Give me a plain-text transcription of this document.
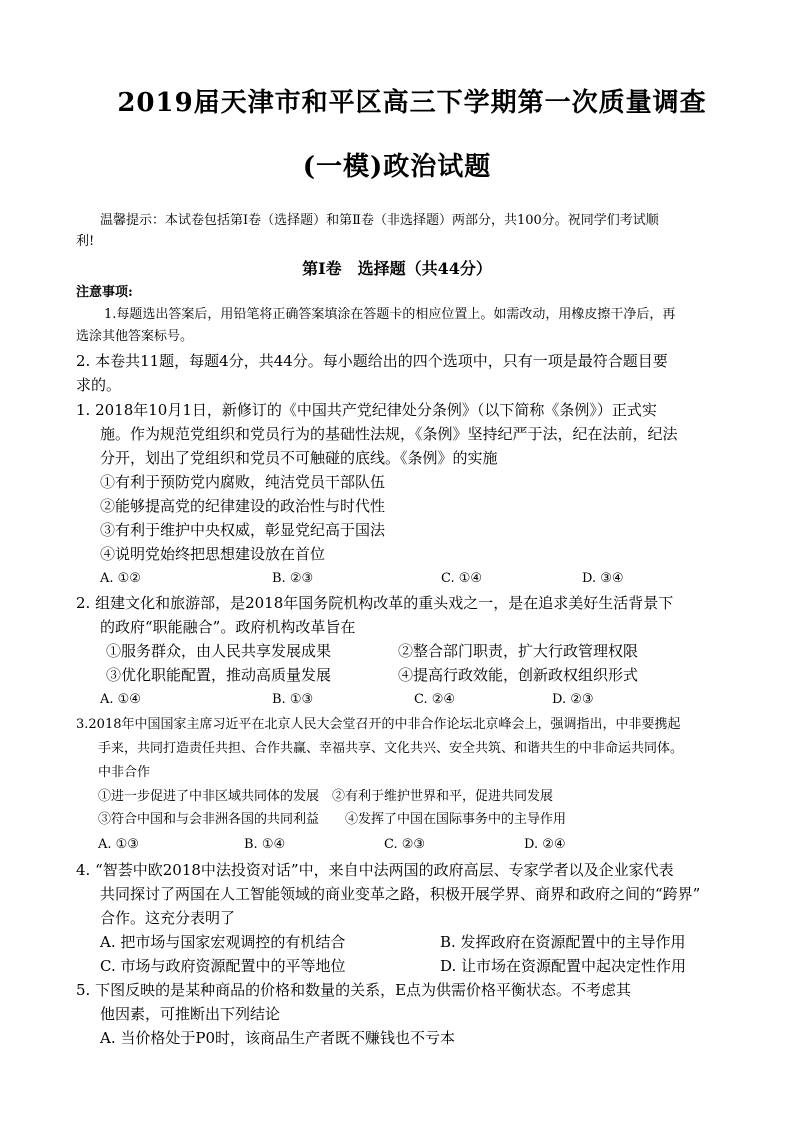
2019届天津市和平区高三下学期第一次质量调查
(一模)政治试题
温馨提示：本试卷包括第Ⅰ卷（选择题）和第Ⅱ卷（非选择题）两部分，共100分。祝同学们考试顺
利!
第Ⅰ卷　选择题（共44分）
注意事项:
1.每题选出答案后，用铅笔将正确答案填涂在答题卡的相应位置上。如需改动，用橡皮擦干净后，再
选涂其他答案标号。
2. 本卷共11题，每题4分，共44分。每小题给出的四个选项中，只有一项是最符合题目要
求的。
1. 2018年10月1日，新修订的《中国共产党纪律处分条例》（以下简称《条例》）正式实
施。作为规范党组织和党员行为的基础性法规，《条例》坚持纪严于法，纪在法前，纪法
分开，划出了党组织和党员不可触碰的底线。《条例》的实施
①有利于预防党内腐败，纯洁党员干部队伍
②能够提高党的纪律建设的政治性与时代性
③有利于维护中央权威，彰显党纪高于国法
④说明党始终把思想建设放在首位
A. ①②	B. ②③	C. ①④	D. ③④
2. 组建文化和旅游部，是2018年国务院机构改革的重头戏之一，是在追求美好生活背景下
的政府“职能融合”。政府机构改革旨在
①服务群众，由人民共享发展成果	②整合部门职责，扩大行政管理权限
③优化职能配置，推动高质量发展	④提高行政效能，创新政权组织形式
A. ①④	B. ①③	C. ②④	D. ②③
3.2018年中国国家主席习近平在北京人民大会堂召开的中非合作论坛北京峰会上，强调指出，中非要携起
手来，共同打造责任共担、合作共赢、幸福共享、文化共兴、安全共筑、和谐共生的中非命运共同体。
中非合作
①进一步促进了中非区域共同体的发展　②有利于维护世界和平，促进共同发展
③符合中国和与会非洲各国的共同利益　　④发挥了中国在国际事务中的主导作用
A. ①③	B. ①④	C. ②③	D. ②④
4. “智荟中欧2018中法投资对话”中，来自中法两国的政府高层、专家学者以及企业家代表
共同探讨了两国在人工智能领域的商业变革之路，积极开展学界、商界和政府之间的“跨界”
合作。这充分表明了
A. 把市场与国家宏观调控的有机结合	B. 发挥政府在资源配置中的主导作用
C. 市场与政府资源配置中的平等地位	D. 让市场在资源配置中起决定性作用
5. 下图反映的是某种商品的价格和数量的关系，E点为供需价格平衡状态。不考虑其
他因素，可推断出下列结论
A. 当价格处于P0时，该商品生产者既不赚钱也不亏本
